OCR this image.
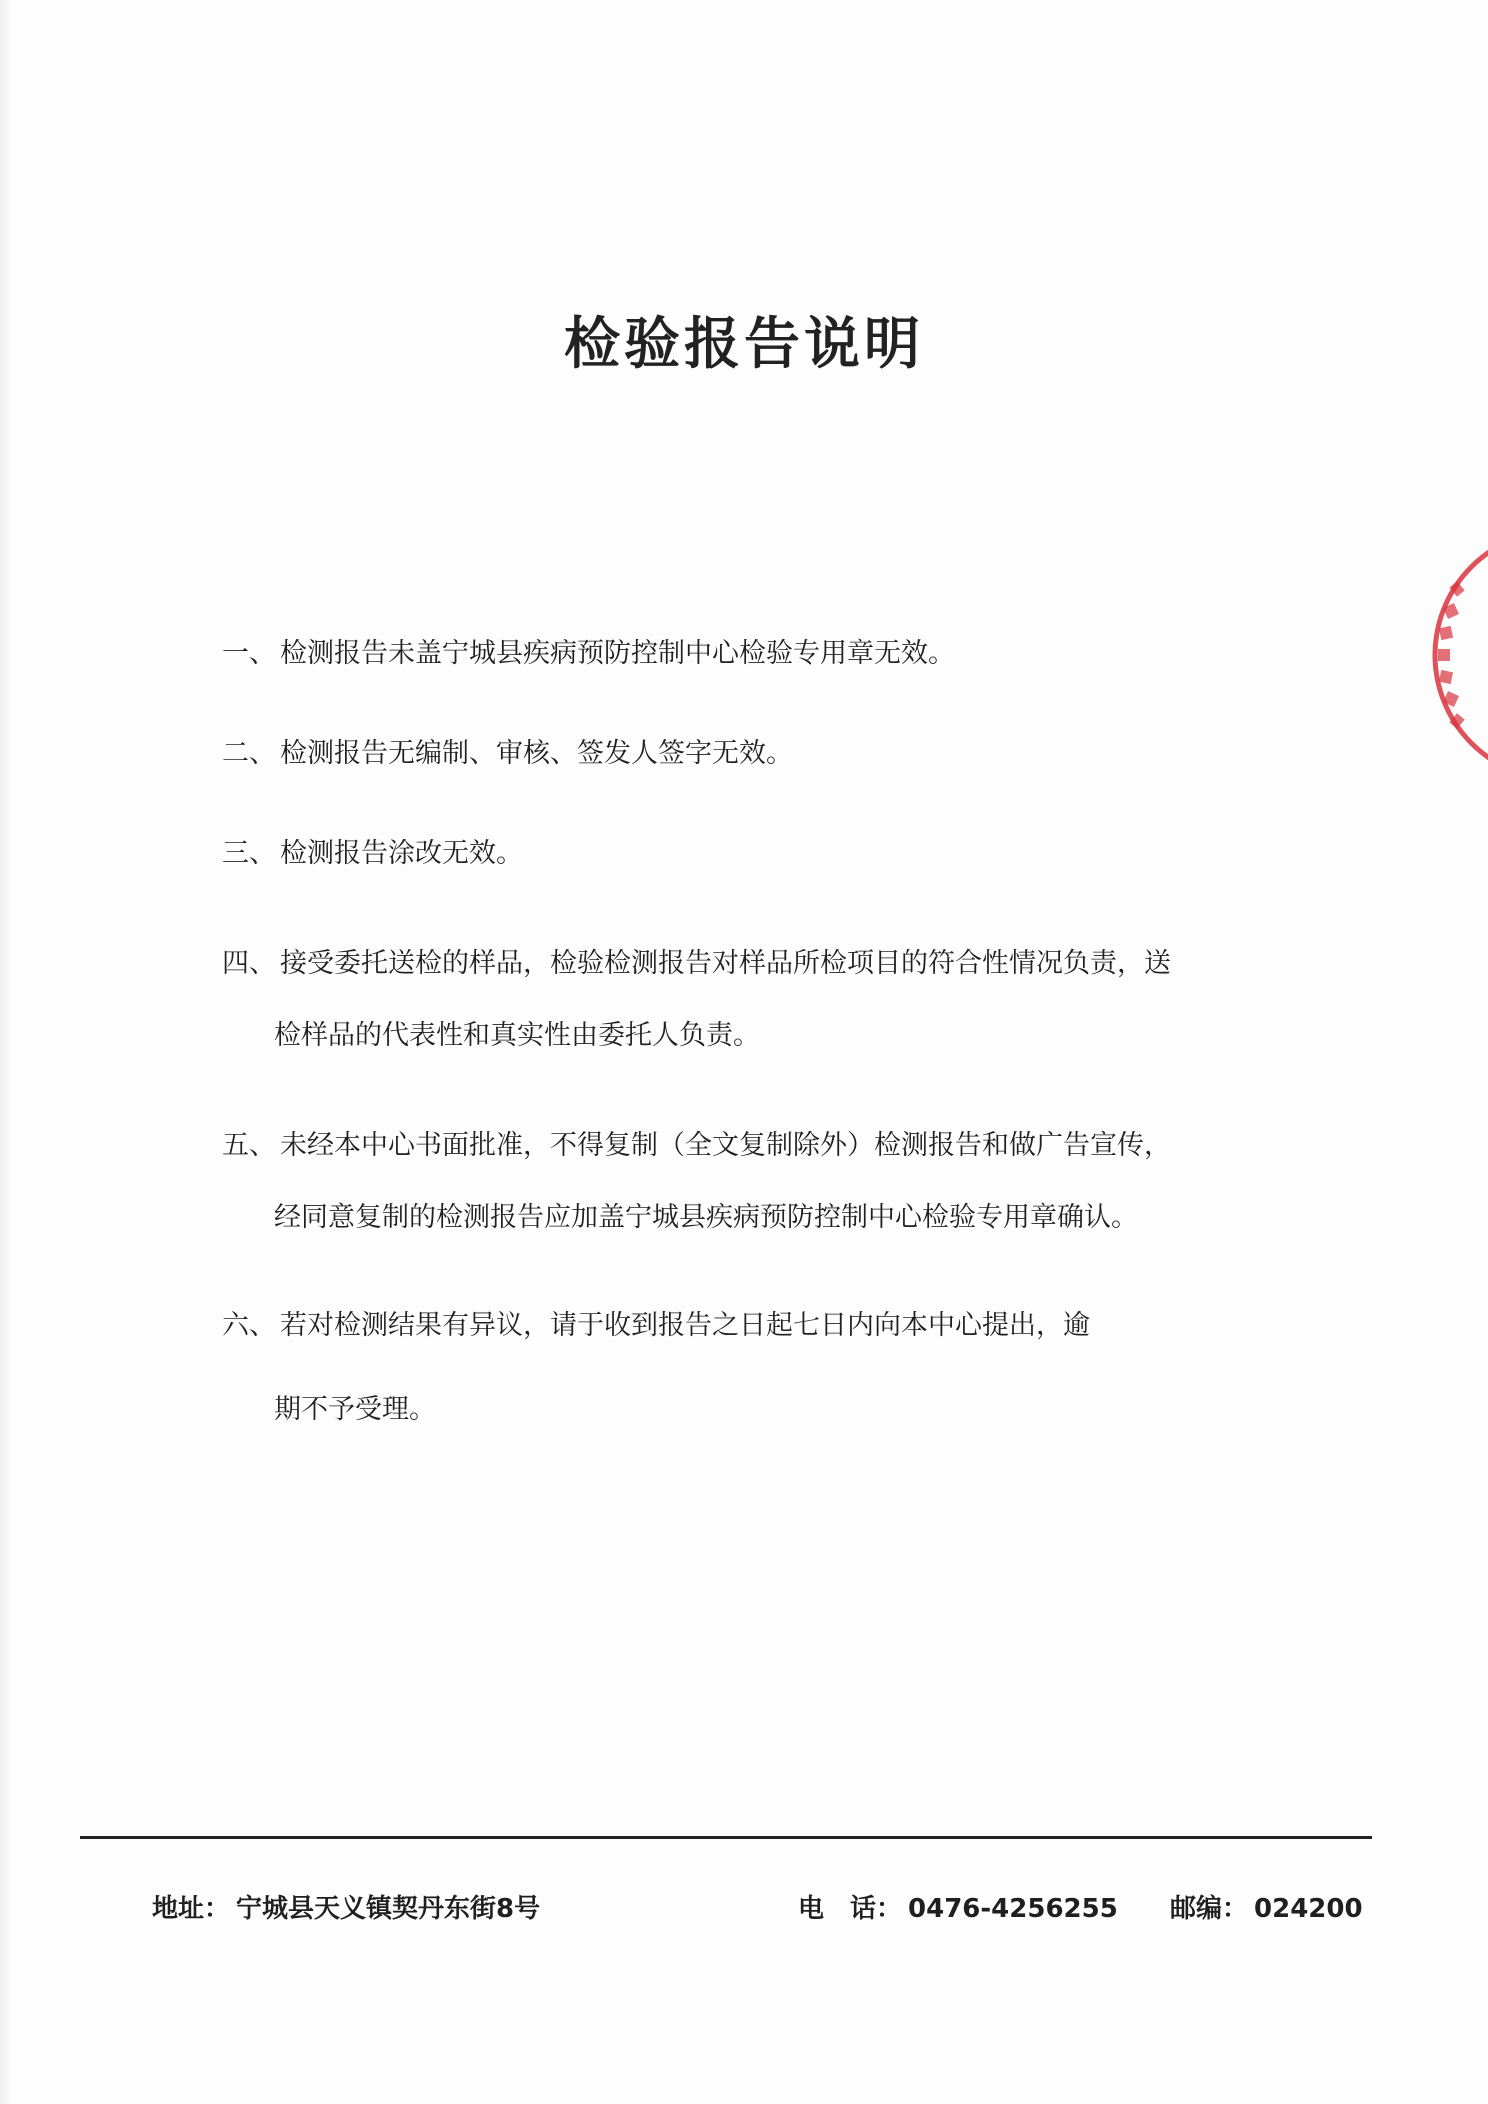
检验报告说明
一、 检测报告未盖宁城县疾病预防控制中心检验专用章无效。
二、 检测报告无编制、审核、签发人签字无效。
三、 检测报告涂改无效。
四、 接受委托送检的样品，检验检测报告对样品所检项目的符合性情况负责，送
检样品的代表性和真实性由委托人负责。
五、 未经本中心书面批准，不得复制（全文复制除外）检测报告和做广告宣传，
经同意复制的检测报告应加盖宁城县疾病预防控制中心检验专用章确认。
六、 若对检测结果有异议，请于收到报告之日起七日内向本中心提出，逾
期不予受理。
地址： 宁城县天义镇契丹东街8号	电　话： 0476-4256255 邮编： 024200
